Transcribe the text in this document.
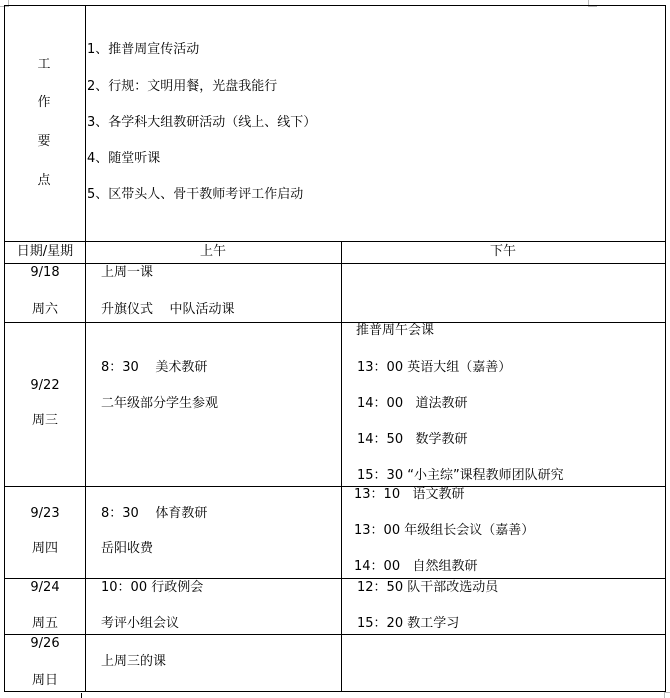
工
作
要
点
1、推普周宣传活动
2、行规：文明用餐，光盘我能行
3、各学科大组教研活动（线上、线下）
4、随堂听课
5、区带头人、骨干教师考评工作启动
日期/星期	上午	下午
9/18
周六
上周一课
升旗仪式    中队活动课
9/22
周三
8：30    美术教研
二年级部分学生参观
推普周午会课
13：00 英语大组（嘉善）
14：00   道法教研
14：50   数学教研
15：30 “小主综”课程教师团队研究
9/23
周四
8：30    体育教研
岳阳收费
13：10   语文教研
13：00 年级组长会议（嘉善）
14：00   自然组教研
9/24
周五
10：00 行政例会
考评小组会议
12：50 队干部改选动员
15：20 教工学习
9/26
周日
上周三的课
